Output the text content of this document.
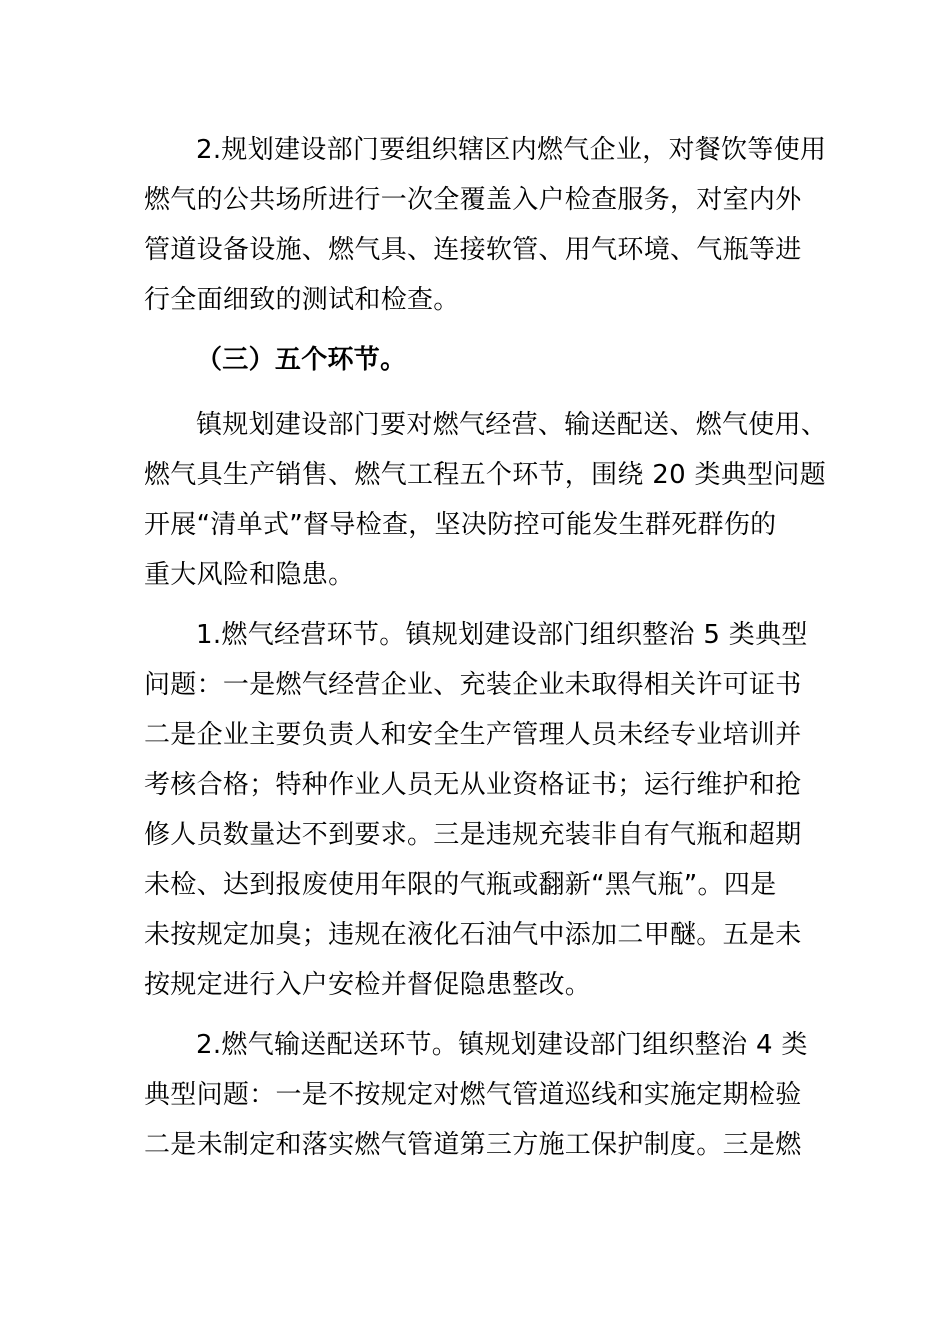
2.规划建设部门要组织辖区内燃气企业，对餐饮等使用
燃气的公共场所进行一次全覆盖入户检查服务，对室内外
管道设备设施、燃气具、连接软管、用气环境、气瓶等进
行全面细致的测试和检查。
（三）五个环节。
镇规划建设部门要对燃气经营、输送配送、燃气使用、
燃气具生产销售、燃气工程五个环节，围绕 20 类典型问题
开展“清单式”督导检查，坚决防控可能发生群死群伤的
重大风险和隐患。
1.燃气经营环节。镇规划建设部门组织整治 5 类典型
问题：一是燃气经营企业、充装企业未取得相关许可证书
二是企业主要负责人和安全生产管理人员未经专业培训并
考核合格；特种作业人员无从业资格证书；运行维护和抢
修人员数量达不到要求。三是违规充装非自有气瓶和超期
未检、达到报废使用年限的气瓶或翻新“黑气瓶”。四是
未按规定加臭；违规在液化石油气中添加二甲醚。五是未
按规定进行入户安检并督促隐患整改。
2.燃气输送配送环节。镇规划建设部门组织整治 4 类
典型问题：一是不按规定对燃气管道巡线和实施定期检验
二是未制定和落实燃气管道第三方施工保护制度。三是燃
